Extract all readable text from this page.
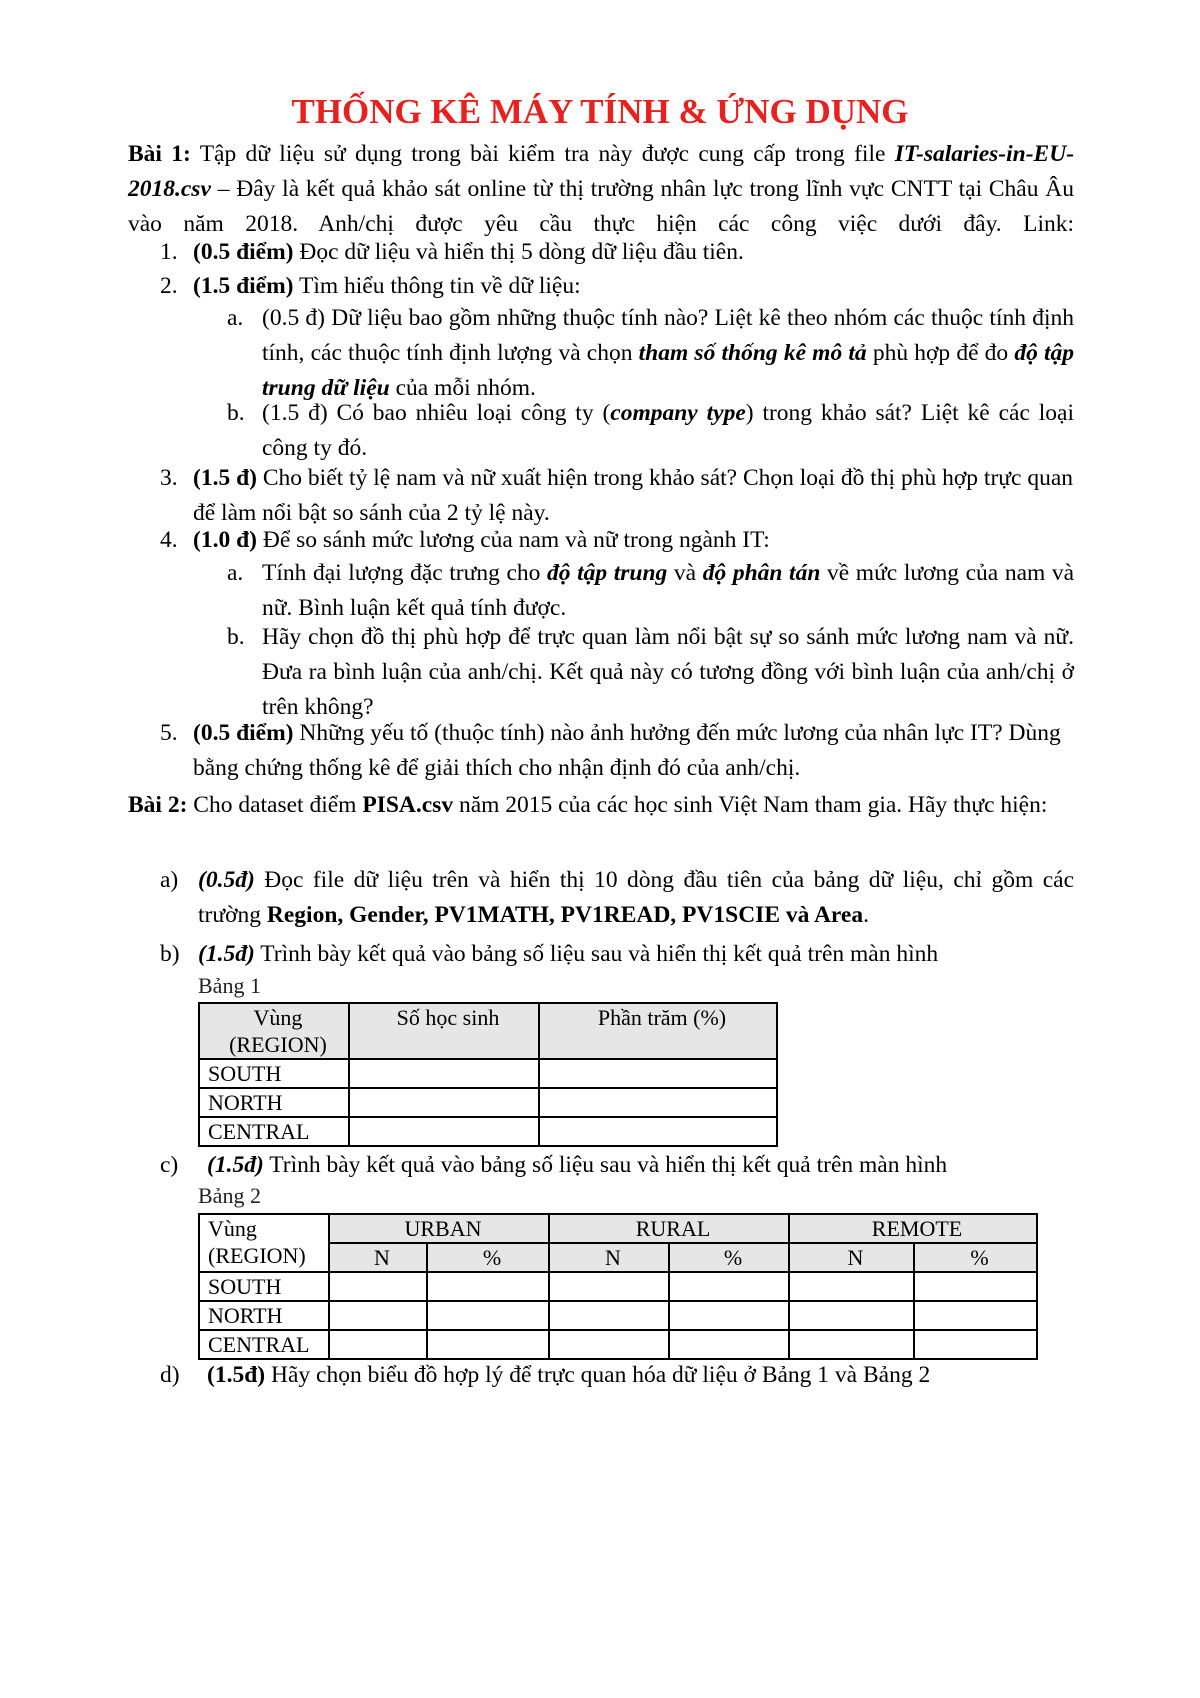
THỐNG KÊ MÁY TÍNH & ỨNG DỤNG
Bài 1: Tập dữ liệu sử dụng trong bài kiểm tra này được cung cấp trong file IT-salaries-in-EU-2018.csv – Đây là kết quả khảo sát online từ thị trường nhân lực trong lĩnh vực CNTT tại Châu Âu vào năm 2018. Anh/chị được yêu cầu thực hiện các công việc dưới đây. Link:
1. (0.5 điểm) Đọc dữ liệu và hiển thị 5 dòng dữ liệu đầu tiên.
2. (1.5 điểm) Tìm hiểu thông tin về dữ liệu:
a. (0.5 đ) Dữ liệu bao gồm những thuộc tính nào? Liệt kê theo nhóm các thuộc tính định tính, các thuộc tính định lượng và chọn tham số thống kê mô tả phù hợp để đo độ tập trung dữ liệu của mỗi nhóm.
b. (1.5 đ) Có bao nhiêu loại công ty (company type) trong khảo sát? Liệt kê các loại công ty đó.
3. (1.5 đ) Cho biết tỷ lệ nam và nữ xuất hiện trong khảo sát? Chọn loại đồ thị phù hợp trực quan để làm nổi bật so sánh của 2 tỷ lệ này.
4. (1.0 đ) Để so sánh mức lương của nam và nữ trong ngành IT:
a. Tính đại lượng đặc trưng cho độ tập trung và độ phân tán về mức lương của nam và nữ. Bình luận kết quả tính được.
b. Hãy chọn đồ thị phù hợp để trực quan làm nổi bật sự so sánh mức lương nam và nữ. Đưa ra bình luận của anh/chị. Kết quả này có tương đồng với bình luận của anh/chị ở trên không?
5. (0.5 điểm) Những yếu tố (thuộc tính) nào ảnh hưởng đến mức lương của nhân lực IT? Dùng bằng chứng thống kê để giải thích cho nhận định đó của anh/chị.
Bài 2: Cho dataset điểm PISA.csv năm 2015 của các học sinh Việt Nam tham gia. Hãy thực hiện:
a) (0.5đ) Đọc file dữ liệu trên và hiển thị 10 dòng đầu tiên của bảng dữ liệu, chỉ gồm các trường Region, Gender, PV1MATH, PV1READ, PV1SCIE và Area.
b) (1.5đ) Trình bày kết quả vào bảng số liệu sau và hiển thị kết quả trên màn hình
Bảng 1
Vùng
(REGION)	Số học sinh	Phần trăm (%)
SOUTH		
NORTH		
CENTRAL		
c) (1.5đ) Trình bày kết quả vào bảng số liệu sau và hiển thị kết quả trên màn hình
Bảng 2
Vùng
(REGION)	URBAN		RURAL		REMOTE	
	N	%	N	%	N	%
SOUTH						
NORTH						
CENTRAL						
d) (1.5đ) Hãy chọn biểu đồ hợp lý để trực quan hóa dữ liệu ở Bảng 1 và Bảng 2
